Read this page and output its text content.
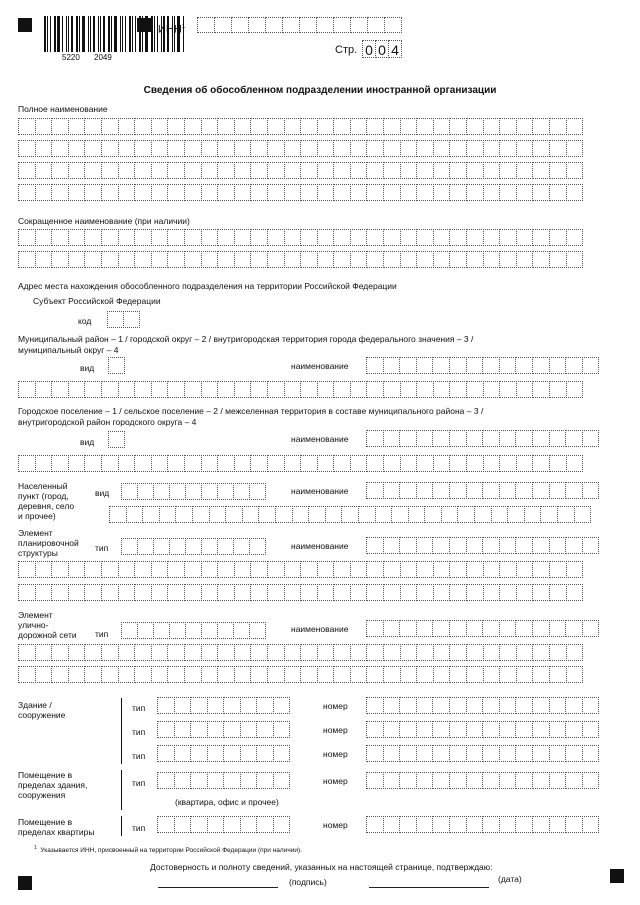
5220 2049
ИНН$^1$
Стр. 0 0 4
Сведения об обособленном подразделении иностранной организации
Полное наименование
Сокращенное наименование (при наличии)
Адрес места нахождения обособленного подразделения на территории Российской Федерации
Субъект Российской Федерации
код
Муниципальный район – 1 / городской округ – 2 / внутригородская территория города федерального значения – 3 /
муниципальный округ – 4
вид	наименование
Городское поселение – 1 / сельское поселение – 2 / межселенная территория в составе муниципального района – 3 /
внутригородской район городского округа – 4
вид	наименование
Населенный
пункт (город,
деревня, село
и прочее)
вид	наименование
Элемент
планировочной
структуры	тип	наименование
Элемент
улично-
дорожной сети тип	наименование
Здание /
сооружение
тип	номер
тип	номер
тип	номер
Помещение в
пределах здания,
сооружения
тип	номер
(квартира, офис и прочее)
Помещение в
пределах квартиры	тип	номер
$^1$ Указывается ИНН, присвоенный на территории Российской Федерации (при наличии).
Достоверность и полноту сведений, указанных на настоящей странице, подтверждаю:
(подпись)	(дата)
